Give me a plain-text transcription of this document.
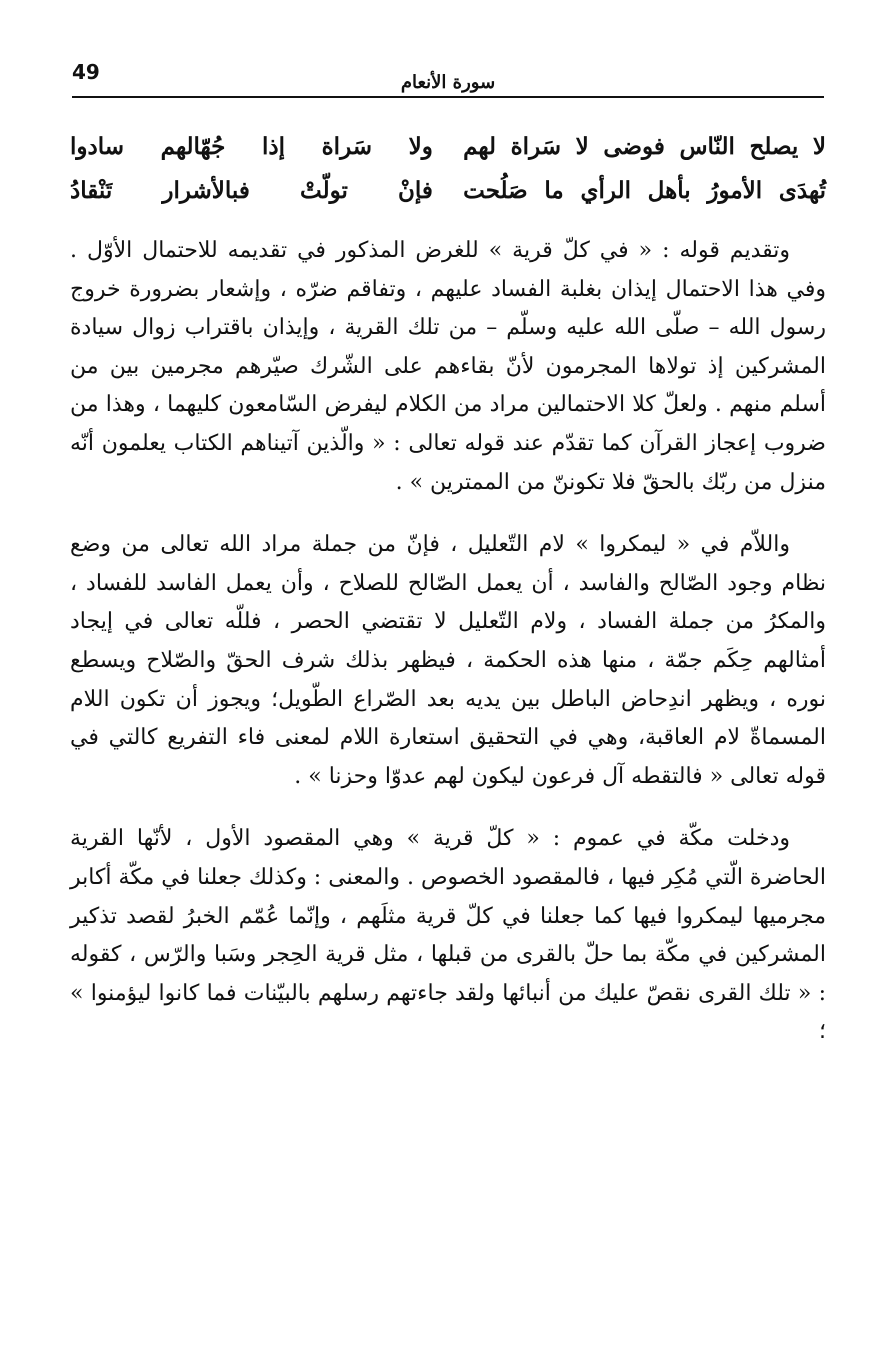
49	سورة الأنعام
لا يصلح النّاس فوضى لا سَراة لهم
ولا سَراة إذا جُهّالهم سادوا
تُهدَى الأمورُ بأهل الرأي ما صَلُحت
فإنْ تولّتْ فبالأشرار تَنْقادُ

وتقديم قوله : « في كلّ قرية » للغرض المذكور في تقديمه للاحتمال الأوّل . وفي هذا الاحتمال إيذان بغلبة الفساد عليهم ، وتفاقم ضرّه ، وإشعار بضرورة خروج رسول الله – صلّى الله عليه وسلّم – من تلك القرية ، وإيذان باقتراب زوال سيادة المشركين إذ تولاها المجرمون لأنّ بقاءهم على الشّرك صيّرهم مجرمين بين من أسلم منهم . ولعلّ كلا الاحتمالين مراد من الكلام ليفرض السّامعون كليهما ، وهذا من ضروب إعجاز القرآن كما تقدّم عند قوله تعالى : « والّذين آتيناهم الكتاب يعلمون أنّه منزل من ربّك بالحقّ فلا تكوننّ من الممترين » .

واللاّم في « ليمكروا » لام التّعليل ، فإنّ من جملة مراد الله تعالى من وضع نظام وجود الصّالح والفاسد ، أن يعمل الصّالح للصلاح ، وأن يعمل الفاسد للفساد ، والمكرُ من جملة الفساد ، ولام التّعليل لا تقتضي الحصر ، فللّه تعالى في إيجاد أمثالهم حِكَم جمّة ، منها هذه الحكمة ، فيظهر بذلك شرف الحقّ والصّلاح ويسطع نوره ، ويظهر اندِحاض الباطل بين يديه بعد الصّراع الطّويل؛ ويجوز أن تكون اللام المسماةّ لام العاقبة، وهي في التحقيق استعارة اللام لمعنى فاء التفريع كالتي في قوله تعالى « فالتقطه آل فرعون ليكون لهم عدوّا وحزنا » .

ودخلت مكّة في عموم : « كلّ قرية » وهي المقصود الأول ، لأنّها القرية الحاضرة الّتي مُكِر فيها ، فالمقصود الخصوص . والمعنى : وكذلك جعلنا في مكّة أكابر مجرميها ليمكروا فيها كما جعلنا في كلّ قرية مثلَهم ، وإنّما عُمّم الخبرُ لقصد تذكير المشركين في مكّة بما حلّ بالقرى من قبلها ، مثل قرية الحِجر وسَبا والرّس ، كقوله : « تلك القرى نقصّ عليك من أنبائها ولقد جاءتهم رسلهم بالبيّنات فما كانوا ليؤمنوا » ؛
